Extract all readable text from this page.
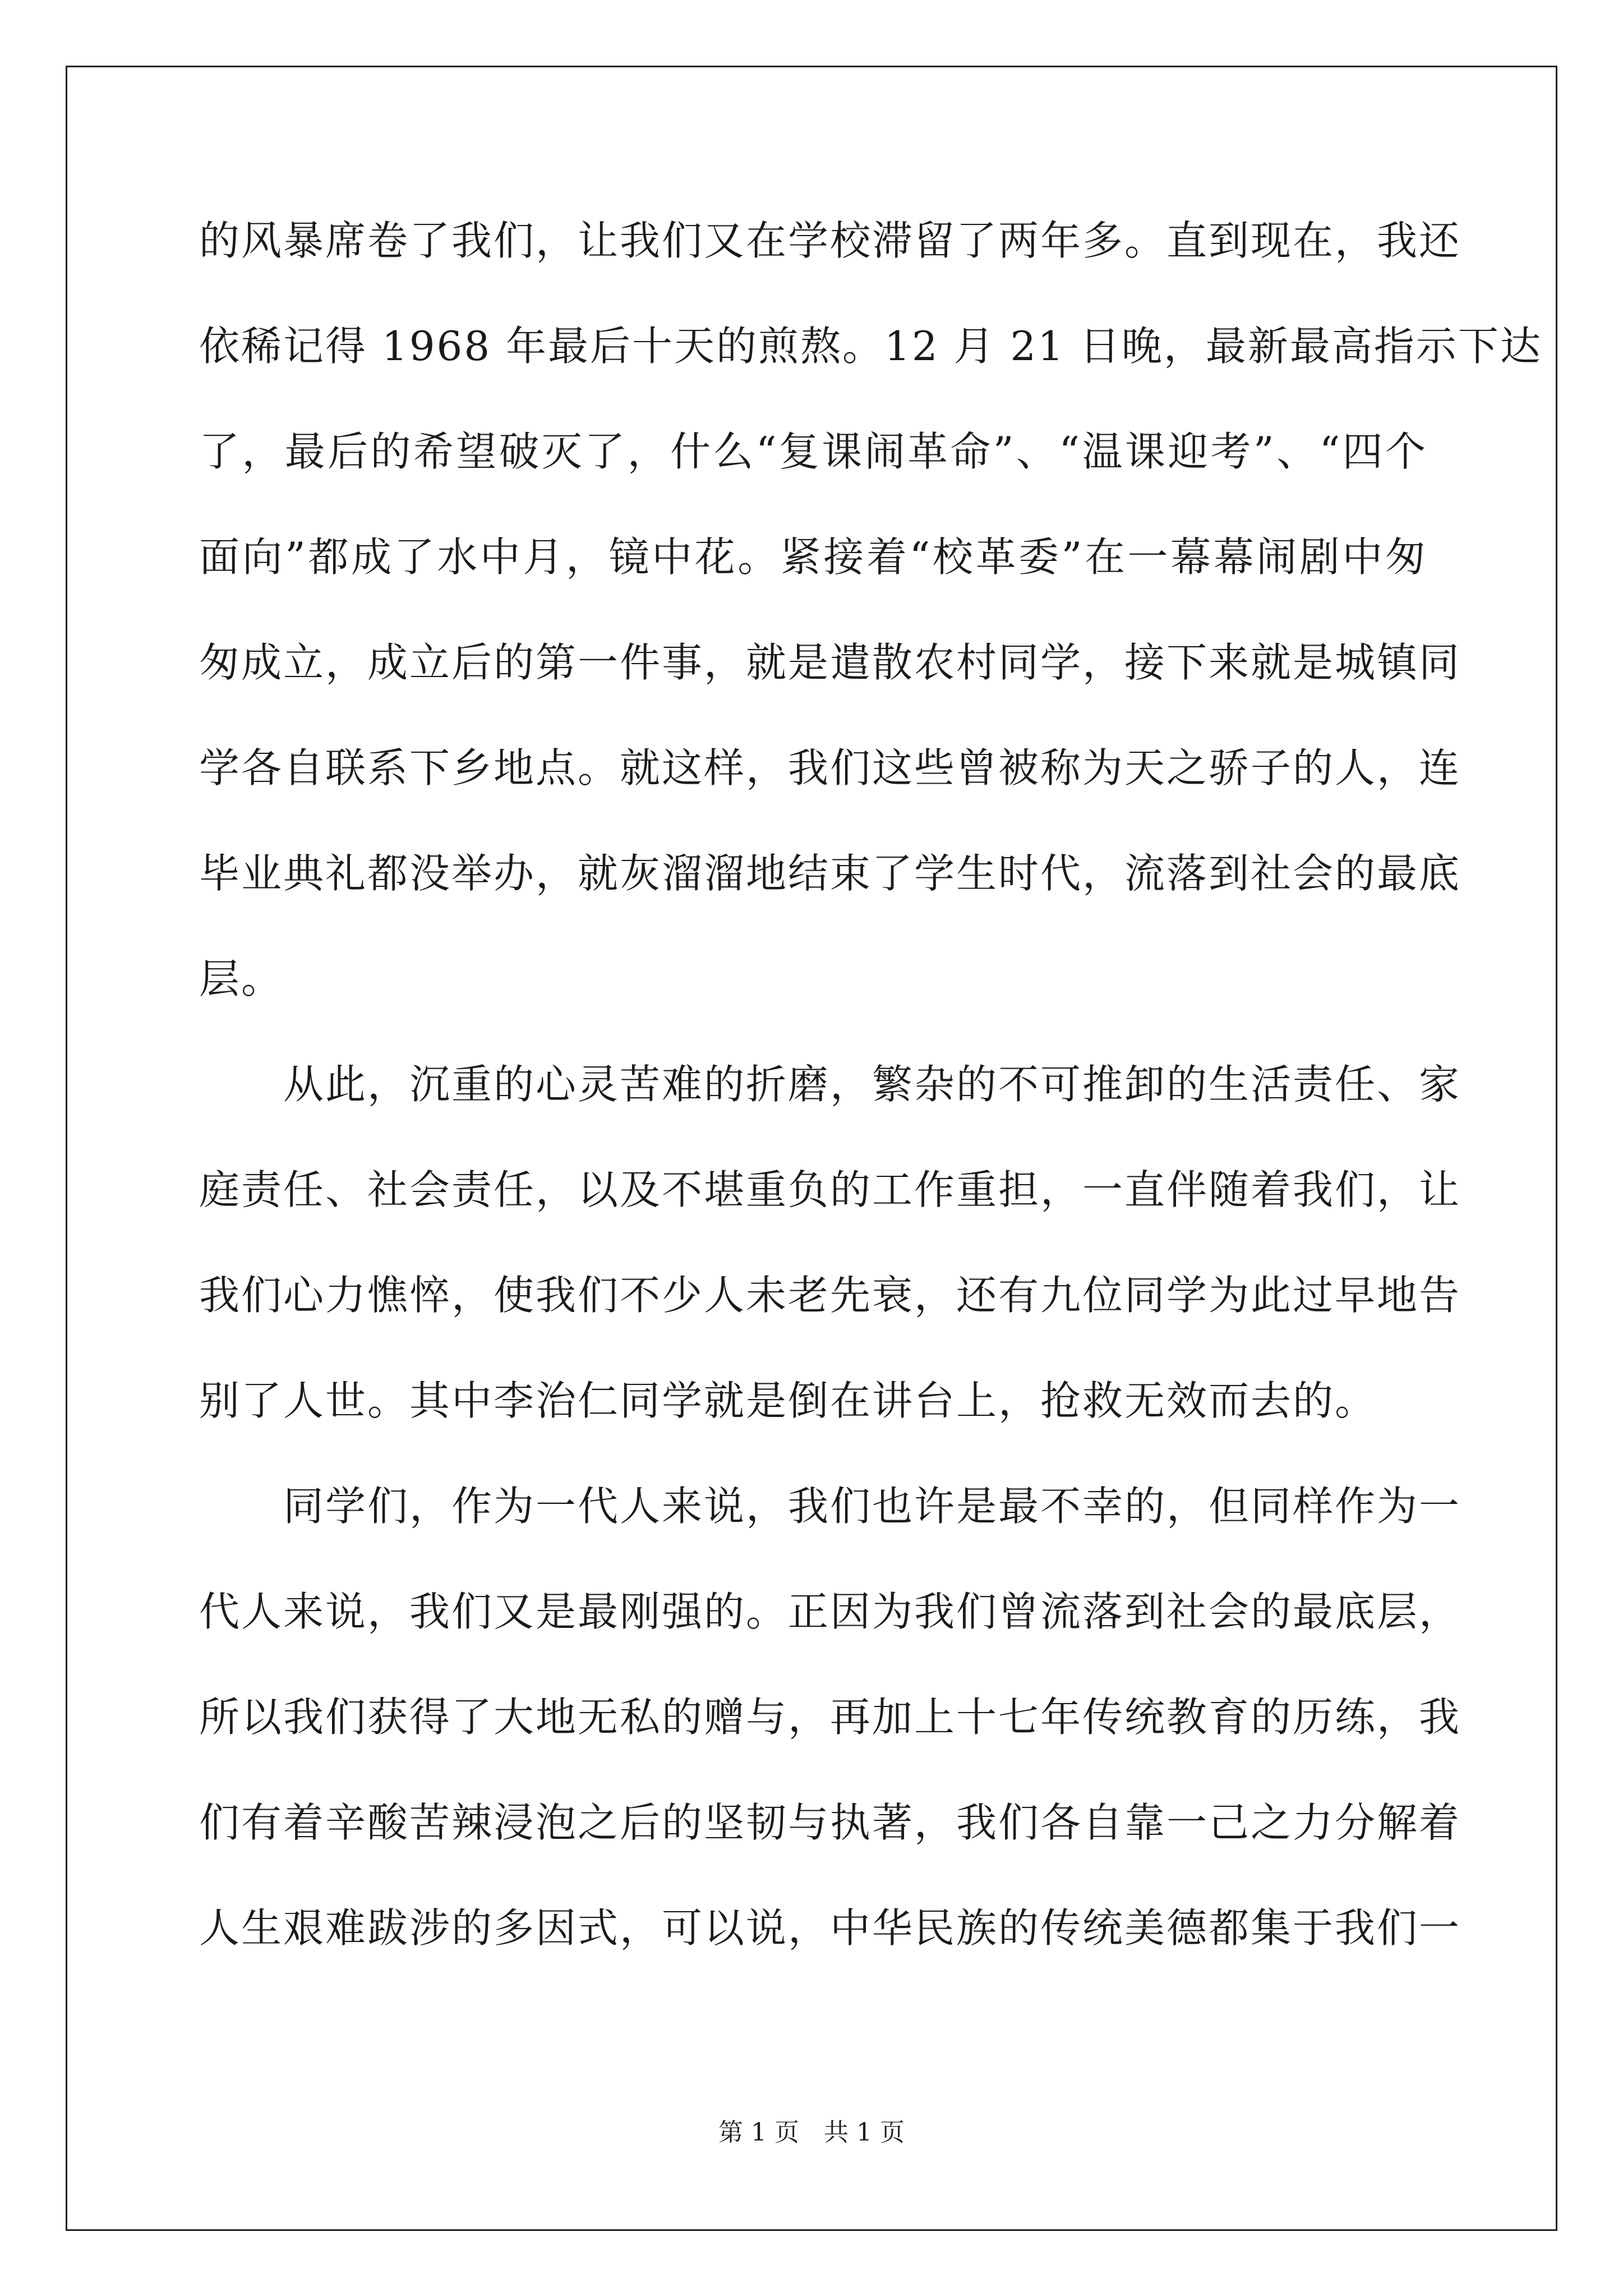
的风暴席卷了我们，让我们又在学校滞留了两年多。直到现在，我还
依稀记得 1968 年最后十天的煎熬。12 月 21 日晚，最新最高指示下达
了，最后的希望破灭了，什么“复课闹革命”、“温课迎考”、“四个
面向”都成了水中月，镜中花。紧接着“校革委”在一幕幕闹剧中匆
匆成立，成立后的第一件事，就是遣散农村同学，接下来就是城镇同
学各自联系下乡地点。就这样，我们这些曾被称为天之骄子的人，连
毕业典礼都没举办，就灰溜溜地结束了学生时代，流落到社会的最底
层。
从此，沉重的心灵苦难的折磨，繁杂的不可推卸的生活责任、家
庭责任、社会责任，以及不堪重负的工作重担，一直伴随着我们，让
我们心力憔悴，使我们不少人未老先衰，还有九位同学为此过早地告
别了人世。其中李治仁同学就是倒在讲台上，抢救无效而去的。
同学们，作为一代人来说，我们也许是最不幸的，但同样作为一
代人来说，我们又是最刚强的。正因为我们曾流落到社会的最底层，
所以我们获得了大地无私的赠与，再加上十七年传统教育的历练，我
们有着辛酸苦辣浸泡之后的坚韧与执著，我们各自靠一己之力分解着
人生艰难跋涉的多因式，可以说，中华民族的传统美德都集于我们一
第 1 页　共 1 页
